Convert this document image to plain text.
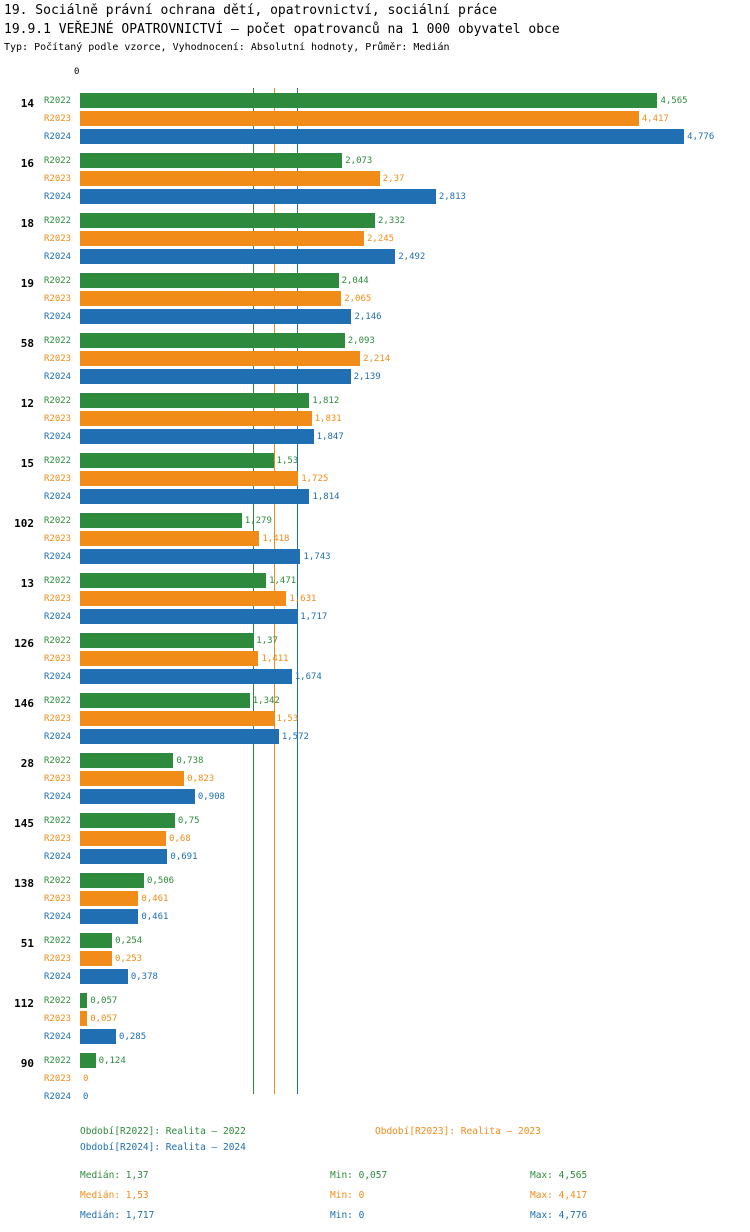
19. Sociálně právní ochrana dětí, opatrovnictví, sociální práce
19.9.1 VEŘEJNÉ OPATROVNICTVÍ – počet opatrovanců na 1 000 obyvatel obce
Typ: Počítaný podle vzorce, Vyhodnocení: Absolutní hodnoty, Průměr: Medián
0
14 R2022	4,565
R2023	4,417
R2024	4,776
16 R2022	2,073
R2023	2,37
R2024	2,813
18 R2022	2,332
R2023	2,245
R2024	2,492
19 R2022	2,044
R2023	2,065
R2024	2,146
58 R2022	2,093
R2023	2,214
R2024	2,139
12 R2022	1,812
R2023	1,831
R2024	1,847
15 R2022	1,53
R2023	1,725
R2024	1,814
102 R2022	1,279
R2023	1,418
R2024	1,743
13 R2022	1,471
R2023	1,631
R2024	1,717
126 R2022	1,37
R2023	1,411
R2024	1,674
146 R2022	1,342
R2023	1,53
R2024	1,572
28 R2022	0,738
R2023	0,823
R2024	0,908
145 R2022	0,75
R2023	0,68
R2024	0,691
138 R2022	0,506
R2023	0,461
R2024	0,461
51 R2022	0,254
R2023	0,253
R2024	0,378
112 R2022 0,057
R2023 0,057
R2024	0,285
90 R2022	0,124
R2023 0
R2024 0
Období[R2022]: Realita – 2022	Období[R2023]: Realita – 2023
Období[R2024]: Realita – 2024
Medián: 1,37	Min: 0,057	Max: 4,565
Medián: 1,53	Min: 0	Max: 4,417
Medián: 1,717	Min: 0	Max: 4,776
